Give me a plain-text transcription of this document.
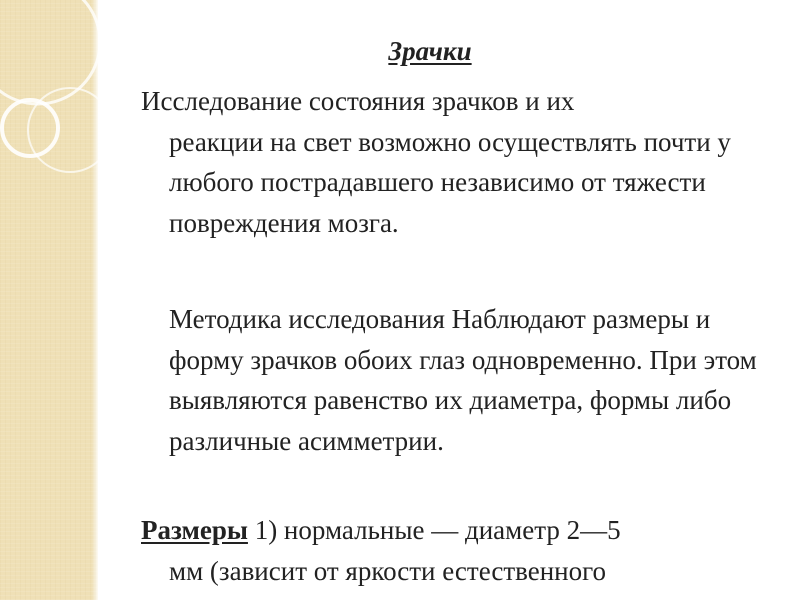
Зрачки
Исследование состояния зрачков и их
реакции на свет возможно осуществлять почти у любого пострадавшего независимо от тяжести повреждения мозга.
Методика исследования Наблюдают размеры и форму зрачков обоих глаз одновременно. При этом выявляются равенство их диаметра, формы либо различные асимметрии.
Размеры 1) нормальные — диаметр 2—5
мм (зависит от яркости естественного
